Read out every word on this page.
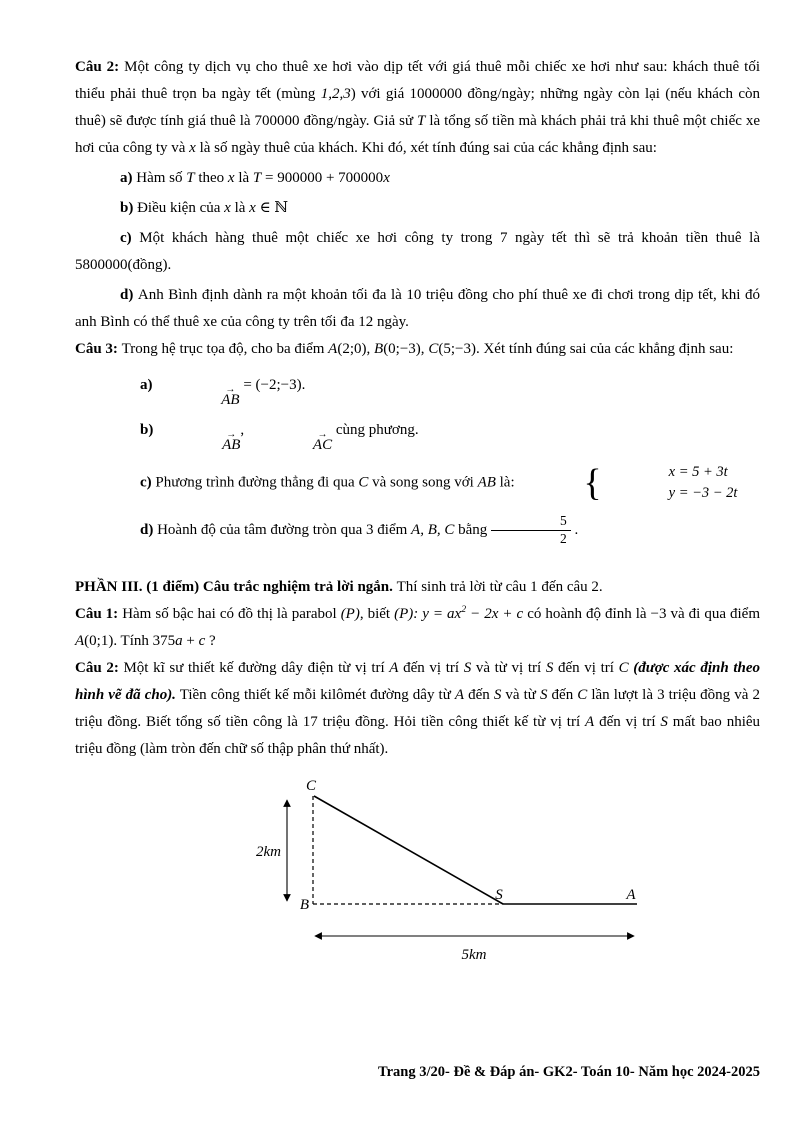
Câu 2: Một công ty dịch vụ cho thuê xe hơi vào dịp tết với giá thuê mỗi chiếc xe hơi như sau: khách thuê tối thiểu phải thuê trọn ba ngày tết (mùng 1,2,3) với giá 1000000 đồng/ngày; những ngày còn lại (nếu khách còn thuê) sẽ được tính giá thuê là 700000 đồng/ngày. Giả sử T là tổng số tiền mà khách phải trả khi thuê một chiếc xe hơi của công ty và x là số ngày thuê của khách. Khi đó, xét tính đúng sai của các khẳng định sau:
a) Hàm số T theo x là T = 900000 + 700000x
b) Điều kiện của x là x ∈ ℕ
c) Một khách hàng thuê một chiếc xe hơi công ty trong 7 ngày tết thì sẽ trả khoản tiền thuê là 5800000(đồng).
d) Anh Bình định dành ra một khoản tối đa là 10 triệu đồng cho phí thuê xe đi chơi trong dịp tết, khi đó anh Bình có thể thuê xe của công ty trên tối đa 12 ngày.
Câu 3: Trong hệ trục tọa độ, cho ba điểm A(2;0), B(0;−3), C(5;−3). Xét tính đúng sai của các khẳng định sau:
a)	→
AB
= (−2;−3).
b)	→
AB
,	→
AC
cùng phương.
c) Phương trình đường thẳng đi qua C và song song với AB là:	{	x = 5 + 3t
y = −3 − 2t
d) Hoành độ của tâm đường tròn qua 3 điểm A, B, C bằng $\frac{5}{2}$ .
PHẦN III. (1 điểm) Câu trắc nghiệm trả lời ngắn. Thí sinh trả lời từ câu 1 đến câu 2.
Câu 1: Hàm số bậc hai có đồ thị là parabol (P), biết (P): $y = ax^2 - 2x + c$ có hoành độ đỉnh là −3 và đi qua điểm A(0;1). Tính 375a + c ?
Câu 2: Một kĩ sư thiết kế đường dây điện từ vị trí A đến vị trí S và từ vị trí S đến vị trí C (được xác định theo hình vẽ đã cho). Tiền công thiết kế mỗi kilômét đường dây từ A đến S và từ S đến C lần lượt là 3 triệu đồng và 2 triệu đồng. Biết tổng số tiền công là 17 triệu đồng. Hỏi tiền công thiết kế từ vị trí A đến vị trí S mất bao nhiêu triệu đồng (làm tròn đến chữ số thập phân thứ nhất).
C
B
S	A
2km
5km
Trang 3/20- Đề & Đáp án- GK2- Toán 10- Năm học 2024-2025
